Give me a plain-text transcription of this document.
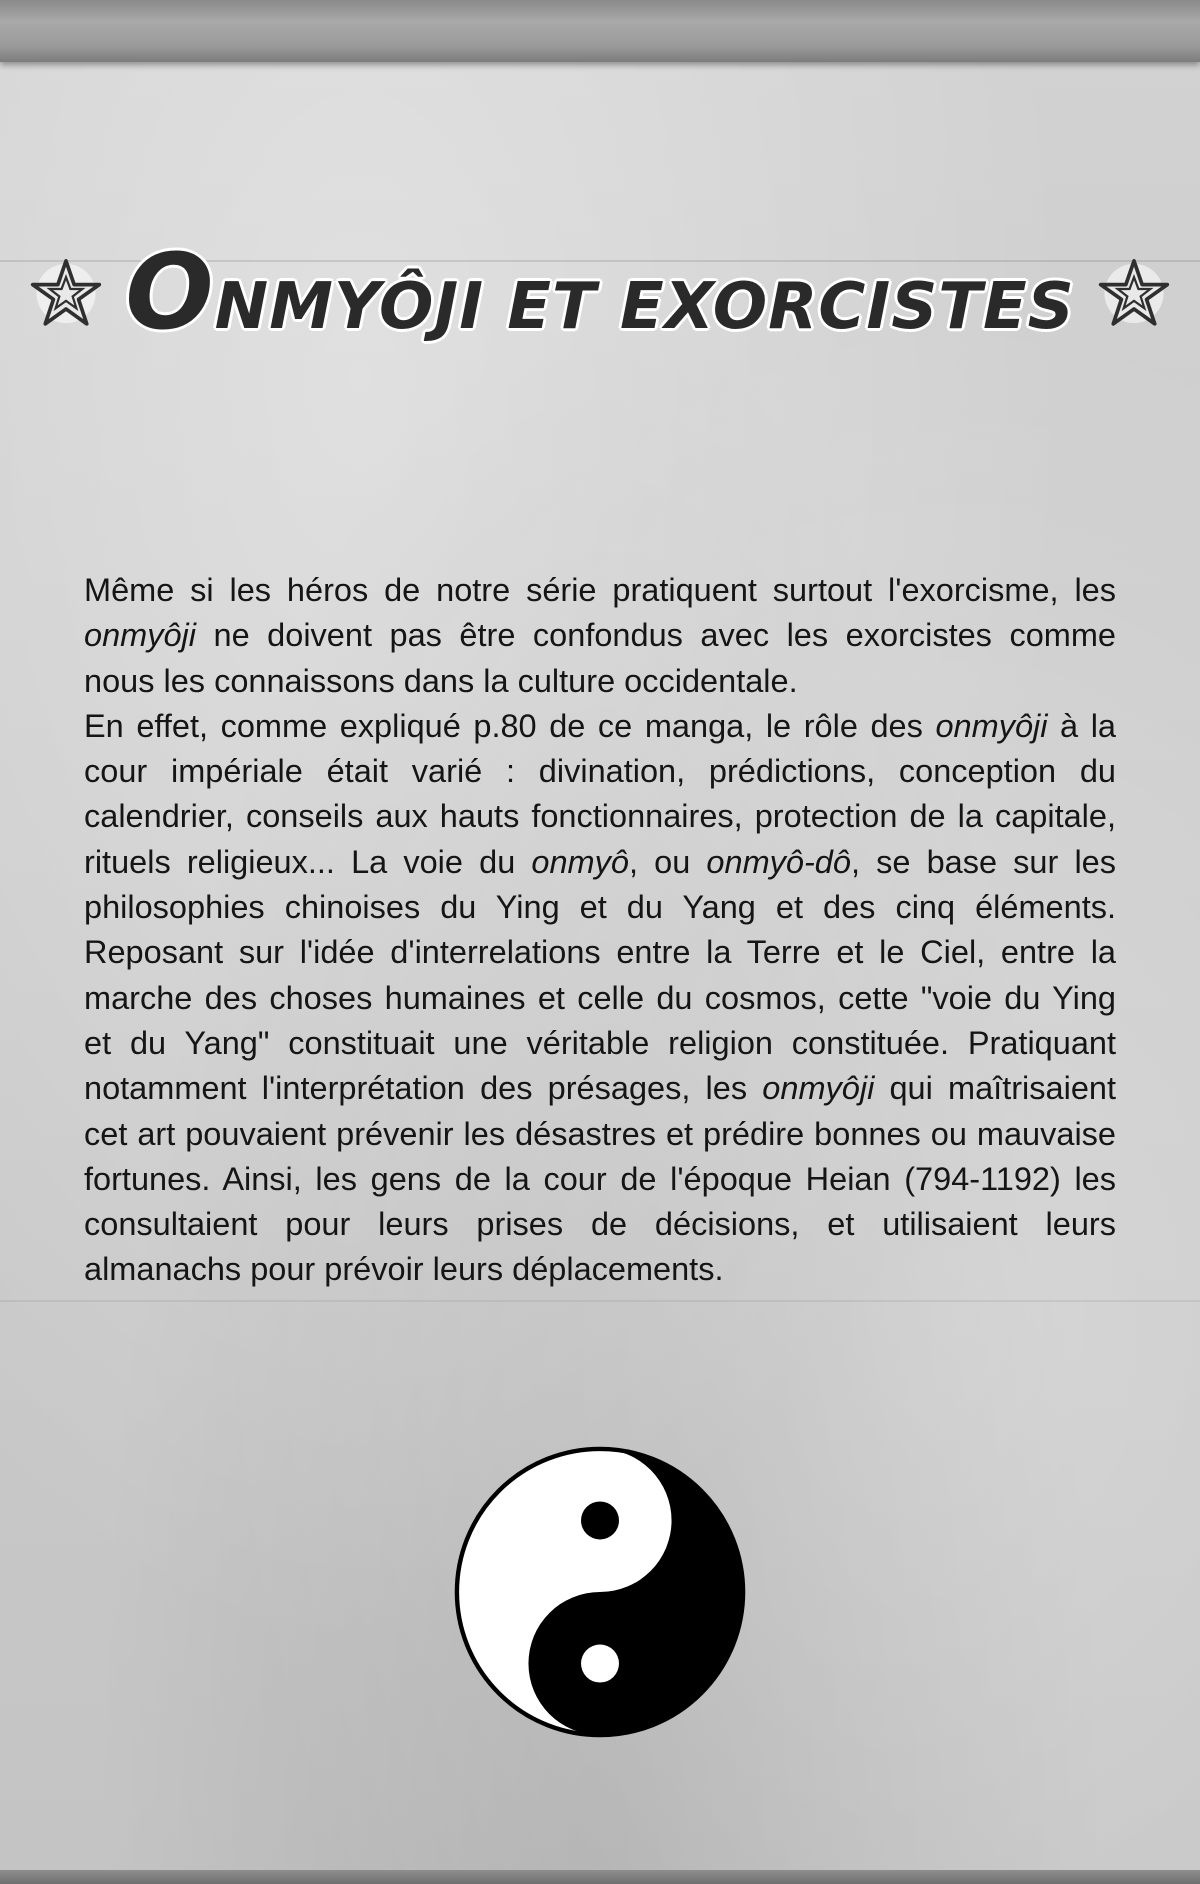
ONMYÔJI ET EXORCISTES

Même si les héros de notre série pratiquent surtout l'exorcisme, les onmyôji ne doivent pas être confondus avec les exorcistes comme nous les connaissons dans la culture occidentale.

En effet, comme expliqué p.80 de ce manga, le rôle des onmyôji à la cour impériale était varié : divination, prédictions, conception du calendrier, conseils aux hauts fonctionnaires, protection de la capitale, rituels religieux... La voie du onmyô, ou onmyô-dô, se base sur les philosophies chinoises du Ying et du Yang et des cinq éléments. Reposant sur l'idée d'interrelations entre la Terre et le Ciel, entre la marche des choses humaines et celle du cosmos, cette "voie du Ying et du Yang" constituait une véritable religion constituée. Pratiquant notamment l'interprétation des présages, les onmyôji qui maîtrisaient cet art pouvaient prévenir les désastres et prédire bonnes ou mauvaise fortunes. Ainsi, les gens de la cour de l'époque Heian (794-1192) les consultaient pour leurs prises de décisions, et utilisaient leurs almanachs pour prévoir leurs déplacements.
